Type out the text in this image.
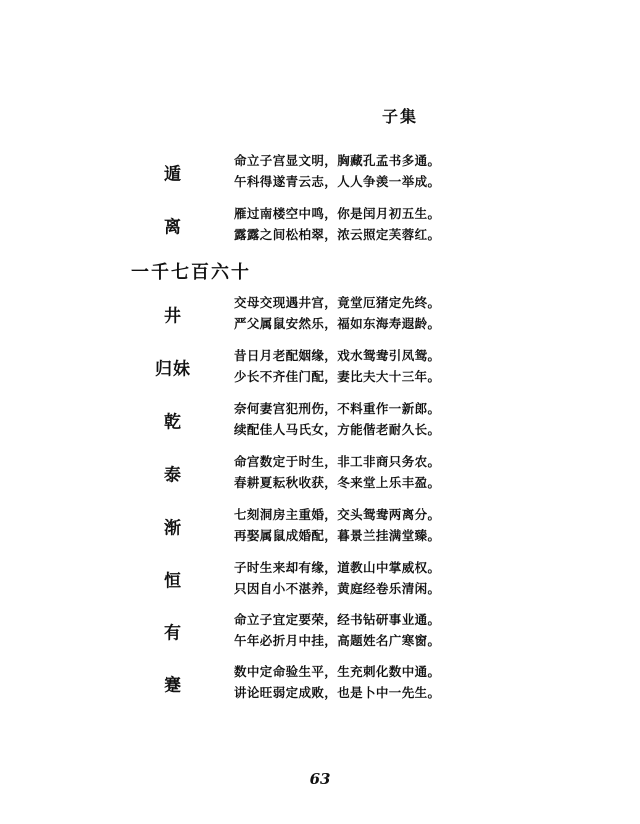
子集
遁
命立子宫显文明，胸藏孔孟书多通。
午科得遂青云志，人人争羡一举成。
离
雁过南楼空中鸣，你是闰月初五生。
露露之间松柏翠，浓云照定芙蓉红。
一千七百六十
井
交母交现遇井宫，竟堂厄猪定先终。
严父属鼠安然乐，福如东海寿遐龄。
归妹
昔日月老配姻缘，戏水鸳鸯引凤鸳。
少长不齐佳门配，妻比夫大十三年。
乾
奈何妻宫犯刑伤，不料重作一新郎。
续配佳人马氏女，方能偕老耐久长。
泰
命宫数定于时生，非工非商只务农。
春耕夏耘秋收获，冬来堂上乐丰盈。
渐
七刻洞房主重婚，交头鸳鸯两离分。
再娶属鼠成婚配，暮景兰挂满堂臻。
恒
子时生来却有缘，道教山中掌威权。
只因自小不湛养，黄庭经卷乐清闲。
有
命立子宜定要荣，经书钻研事业通。
午年必折月中挂，高题姓名广寒窗。
蹇
数中定命验生平，生充刺化数中通。
讲论旺弱定成败，也是卜中一先生。
63
